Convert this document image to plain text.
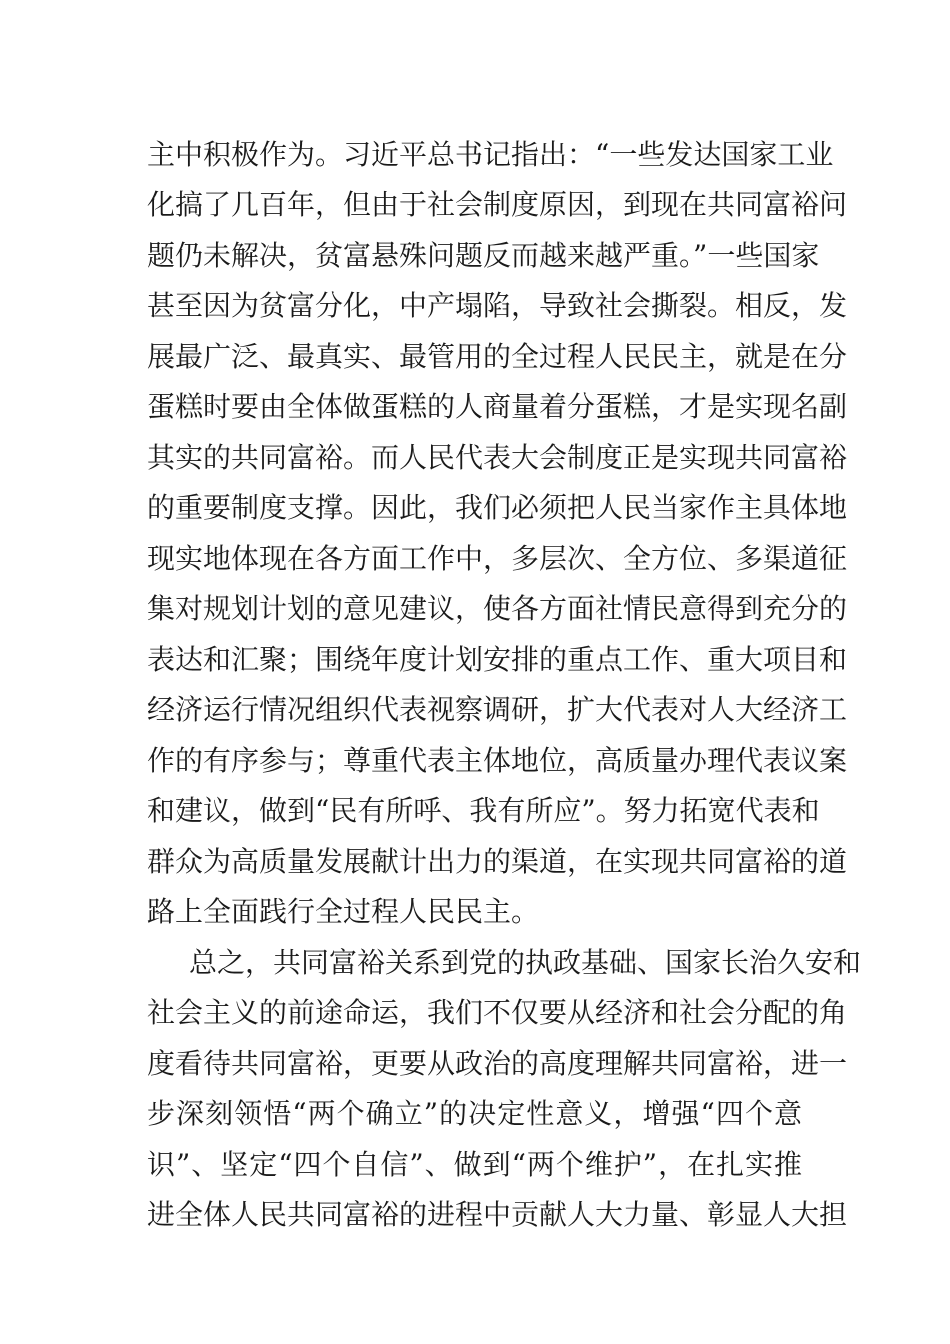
主中积极作为。习近平总书记指出：“一些发达国家工业
化搞了几百年，但由于社会制度原因，到现在共同富裕问
题仍未解决，贫富悬殊问题反而越来越严重。”一些国家
甚至因为贫富分化，中产塌陷，导致社会撕裂。相反，发
展最广泛、最真实、最管用的全过程人民民主，就是在分
蛋糕时要由全体做蛋糕的人商量着分蛋糕，才是实现名副
其实的共同富裕。而人民代表大会制度正是实现共同富裕
的重要制度支撑。因此，我们必须把人民当家作主具体地
现实地体现在各方面工作中，多层次、全方位、多渠道征
集对规划计划的意见建议，使各方面社情民意得到充分的
表达和汇聚；围绕年度计划安排的重点工作、重大项目和
经济运行情况组织代表视察调研，扩大代表对人大经济工
作的有序参与；尊重代表主体地位，高质量办理代表议案
和建议，做到“民有所呼、我有所应”。努力拓宽代表和
群众为高质量发展献计出力的渠道，在实现共同富裕的道
路上全面践行全过程人民民主。
总之，共同富裕关系到党的执政基础、国家长治久安和
社会主义的前途命运，我们不仅要从经济和社会分配的角
度看待共同富裕，更要从政治的高度理解共同富裕，进一
步深刻领悟“两个确立”的决定性意义，增强“四个意
识”、坚定“四个自信”、做到“两个维护”，在扎实推
进全体人民共同富裕的进程中贡献人大力量、彰显人大担
